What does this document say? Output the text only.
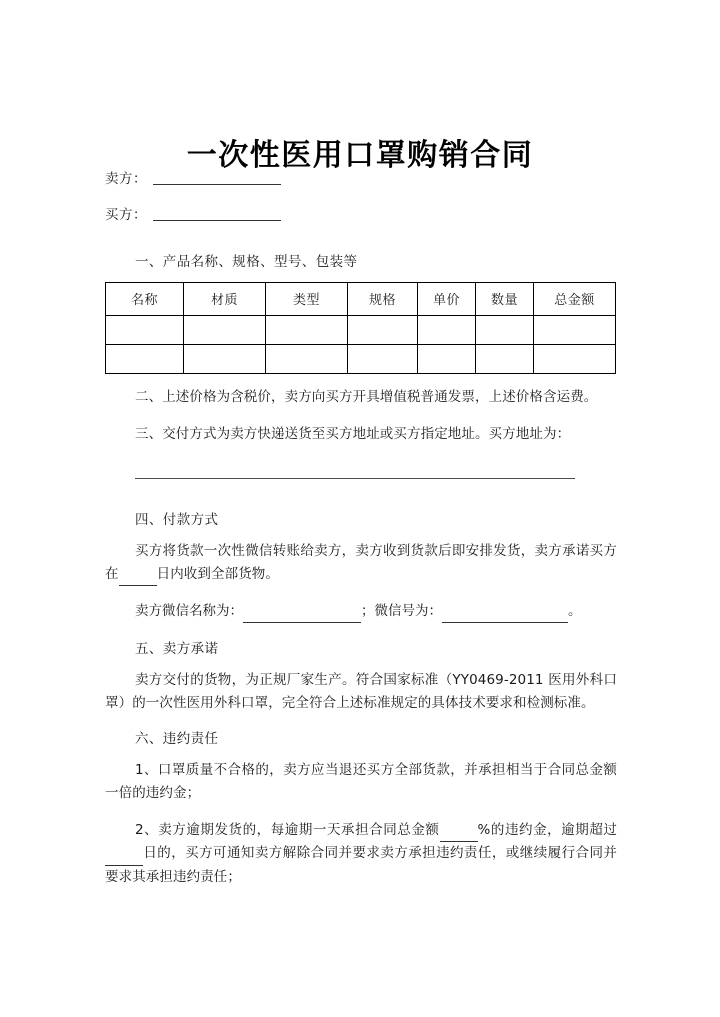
一次性医用口罩购销合同
卖方：
买方：

一、产品名称、规格、型号、包装等

名称	材质	类型	规格	单价	数量	总金额

二、上述价格为含税价，卖方向买方开具增值税普通发票，上述价格含运费。

三、交付方式为卖方快递送货至买方地址或买方指定地址。买方地址为：

四、付款方式

买方将货款一次性微信转账给卖方，卖方收到货款后即安排发货，卖方承诺买方在	日内收到全部货物。

卖方微信名称为：	；微信号为：	。

五、卖方承诺

卖方交付的货物，为正规厂家生产。符合国家标准（YY0469-2011 医用外科口罩）的一次性医用外科口罩，完全符合上述标准规定的具体技术要求和检测标准。

六、违约责任

1、口罩质量不合格的，卖方应当退还买方全部货款，并承担相当于合同总金额一倍的违约金；

2、卖方逾期发货的，每逾期一天承担合同总金额	%的违约金，逾期超过日的，买方可通知卖方解除合同并要求卖方承担违约责任，或继续履行合同并要求其承担违约责任；
